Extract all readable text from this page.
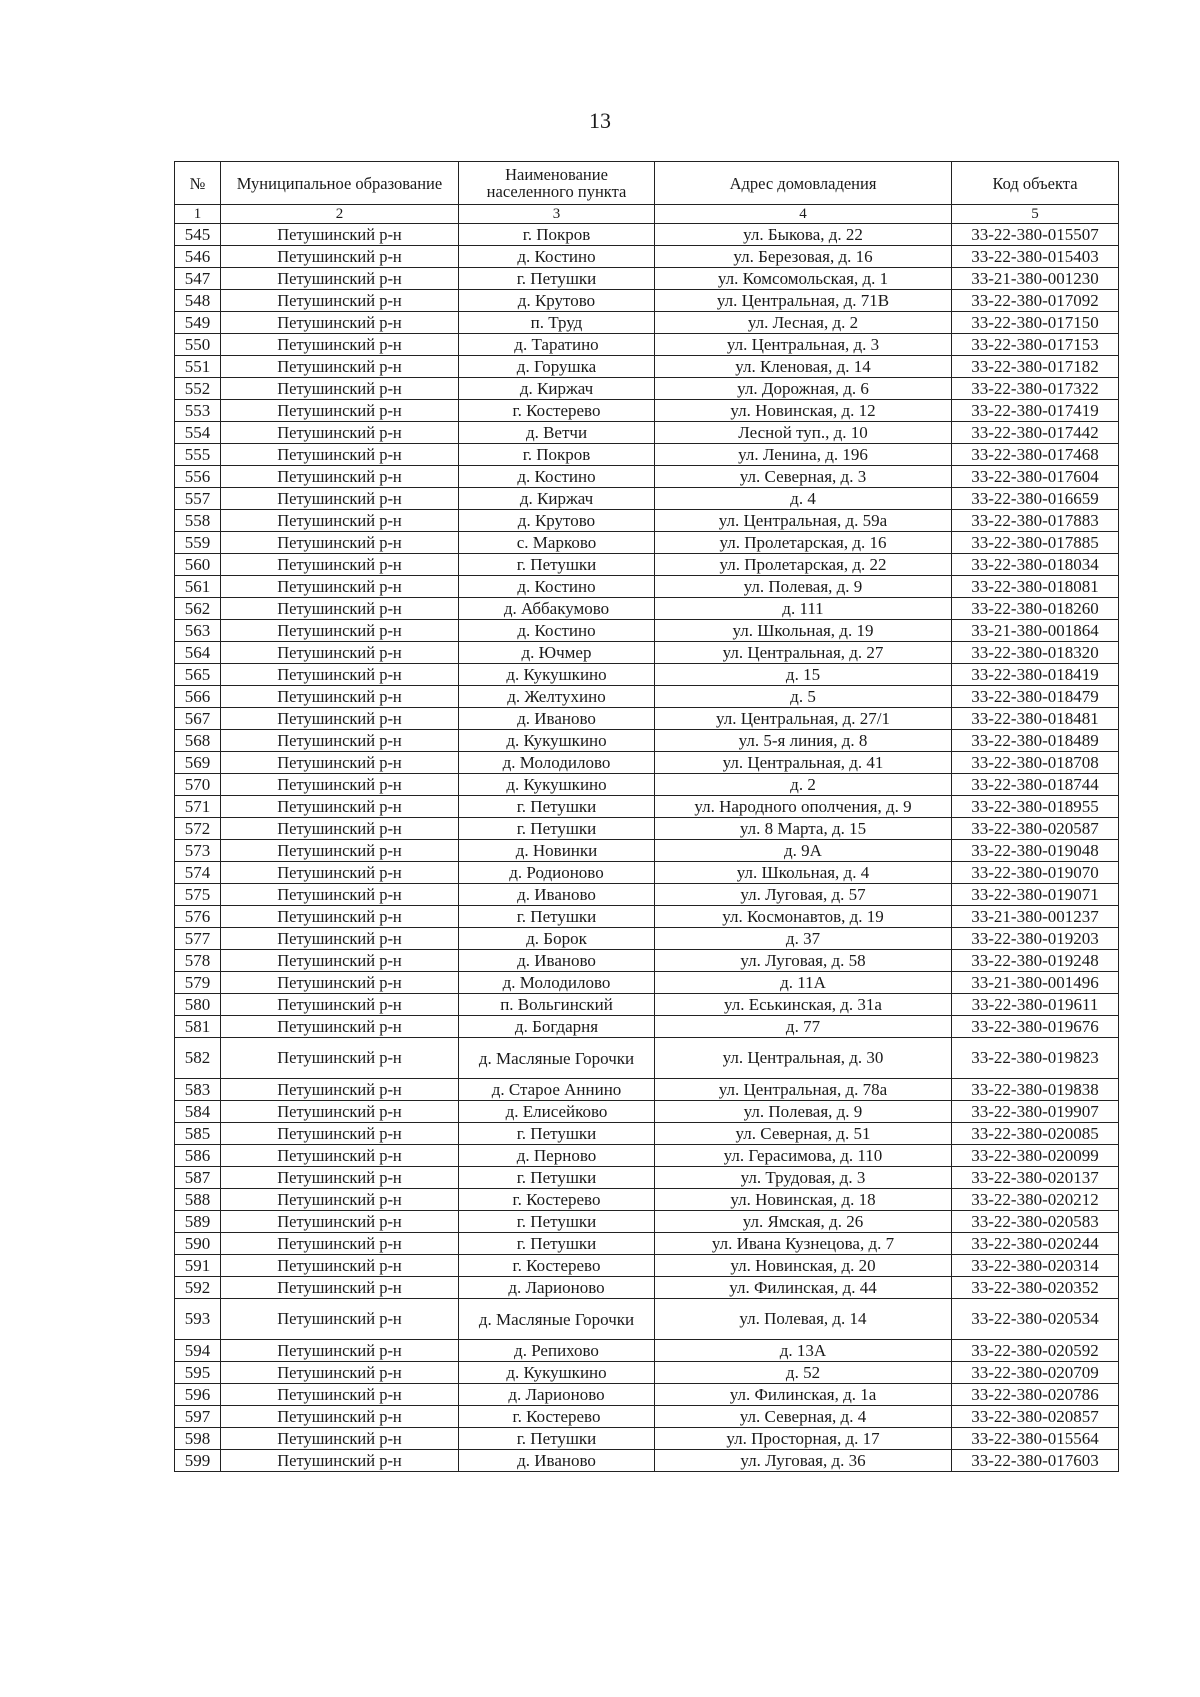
13
№	Муниципальное образование	Наименование населенного пункта	Адрес домовладения	Код объекта
1	2	3	4	5
545	Петушинский р-н	г. Покров	ул. Быкова, д. 22	33-22-380-015507
546	Петушинский р-н	д. Костино	ул. Березовая, д. 16	33-22-380-015403
547	Петушинский р-н	г. Петушки	ул. Комсомольская, д. 1	33-21-380-001230
548	Петушинский р-н	д. Крутово	ул. Центральная, д. 71В	33-22-380-017092
549	Петушинский р-н	п. Труд	ул. Лесная, д. 2	33-22-380-017150
550	Петушинский р-н	д. Таратино	ул. Центральная, д. 3	33-22-380-017153
551	Петушинский р-н	д. Горушка	ул. Кленовая, д. 14	33-22-380-017182
552	Петушинский р-н	д. Киржач	ул. Дорожная, д. 6	33-22-380-017322
553	Петушинский р-н	г. Костерево	ул. Новинская, д. 12	33-22-380-017419
554	Петушинский р-н	д. Ветчи	Лесной туп., д. 10	33-22-380-017442
555	Петушинский р-н	г. Покров	ул. Ленина, д. 196	33-22-380-017468
556	Петушинский р-н	д. Костино	ул. Северная, д. 3	33-22-380-017604
557	Петушинский р-н	д. Киржач	д. 4	33-22-380-016659
558	Петушинский р-н	д. Крутово	ул. Центральная, д. 59а	33-22-380-017883
559	Петушинский р-н	с. Марково	ул. Пролетарская, д. 16	33-22-380-017885
560	Петушинский р-н	г. Петушки	ул. Пролетарская, д. 22	33-22-380-018034
561	Петушинский р-н	д. Костино	ул. Полевая, д. 9	33-22-380-018081
562	Петушинский р-н	д. Аббакумово	д. 111	33-22-380-018260
563	Петушинский р-н	д. Костино	ул. Школьная, д. 19	33-21-380-001864
564	Петушинский р-н	д. Ючмер	ул. Центральная, д. 27	33-22-380-018320
565	Петушинский р-н	д. Кукушкино	д. 15	33-22-380-018419
566	Петушинский р-н	д. Желтухино	д. 5	33-22-380-018479
567	Петушинский р-н	д. Иваново	ул. Центральная, д. 27/1	33-22-380-018481
568	Петушинский р-н	д. Кукушкино	ул. 5-я линия, д. 8	33-22-380-018489
569	Петушинский р-н	д. Молодилово	ул. Центральная, д. 41	33-22-380-018708
570	Петушинский р-н	д. Кукушкино	д. 2	33-22-380-018744
571	Петушинский р-н	г. Петушки	ул. Народного ополчения, д. 9	33-22-380-018955
572	Петушинский р-н	г. Петушки	ул. 8 Марта, д. 15	33-22-380-020587
573	Петушинский р-н	д. Новинки	д. 9А	33-22-380-019048
574	Петушинский р-н	д. Родионово	ул. Школьная, д. 4	33-22-380-019070
575	Петушинский р-н	д. Иваново	ул. Луговая, д. 57	33-22-380-019071
576	Петушинский р-н	г. Петушки	ул. Космонавтов, д. 19	33-21-380-001237
577	Петушинский р-н	д. Борок	д. 37	33-22-380-019203
578	Петушинский р-н	д. Иваново	ул. Луговая, д. 58	33-22-380-019248
579	Петушинский р-н	д. Молодилово	д. 11А	33-21-380-001496
580	Петушинский р-н	п. Вольгинский	ул. Еськинская, д. 31а	33-22-380-019611
581	Петушинский р-н	д. Богдарня	д. 77	33-22-380-019676
582	Петушинский р-н	д. Масляные Горочки	ул. Центральная, д. 30	33-22-380-019823
583	Петушинский р-н	д. Старое Аннино	ул. Центральная, д. 78а	33-22-380-019838
584	Петушинский р-н	д. Елисейково	ул. Полевая, д. 9	33-22-380-019907
585	Петушинский р-н	г. Петушки	ул. Северная, д. 51	33-22-380-020085
586	Петушинский р-н	д. Перново	ул. Герасимова, д. 110	33-22-380-020099
587	Петушинский р-н	г. Петушки	ул. Трудовая, д. 3	33-22-380-020137
588	Петушинский р-н	г. Костерево	ул. Новинская, д. 18	33-22-380-020212
589	Петушинский р-н	г. Петушки	ул. Ямская, д. 26	33-22-380-020583
590	Петушинский р-н	г. Петушки	ул. Ивана Кузнецова, д. 7	33-22-380-020244
591	Петушинский р-н	г. Костерево	ул. Новинская, д. 20	33-22-380-020314
592	Петушинский р-н	д. Ларионово	ул. Филинская, д. 44	33-22-380-020352
593	Петушинский р-н	д. Масляные Горочки	ул. Полевая, д. 14	33-22-380-020534
594	Петушинский р-н	д. Репихово	д. 13А	33-22-380-020592
595	Петушинский р-н	д. Кукушкино	д. 52	33-22-380-020709
596	Петушинский р-н	д. Ларионово	ул. Филинская, д. 1а	33-22-380-020786
597	Петушинский р-н	г. Костерево	ул. Северная, д. 4	33-22-380-020857
598	Петушинский р-н	г. Петушки	ул. Просторная, д. 17	33-22-380-015564
599	Петушинский р-н	д. Иваново	ул. Луговая, д. 36	33-22-380-017603
